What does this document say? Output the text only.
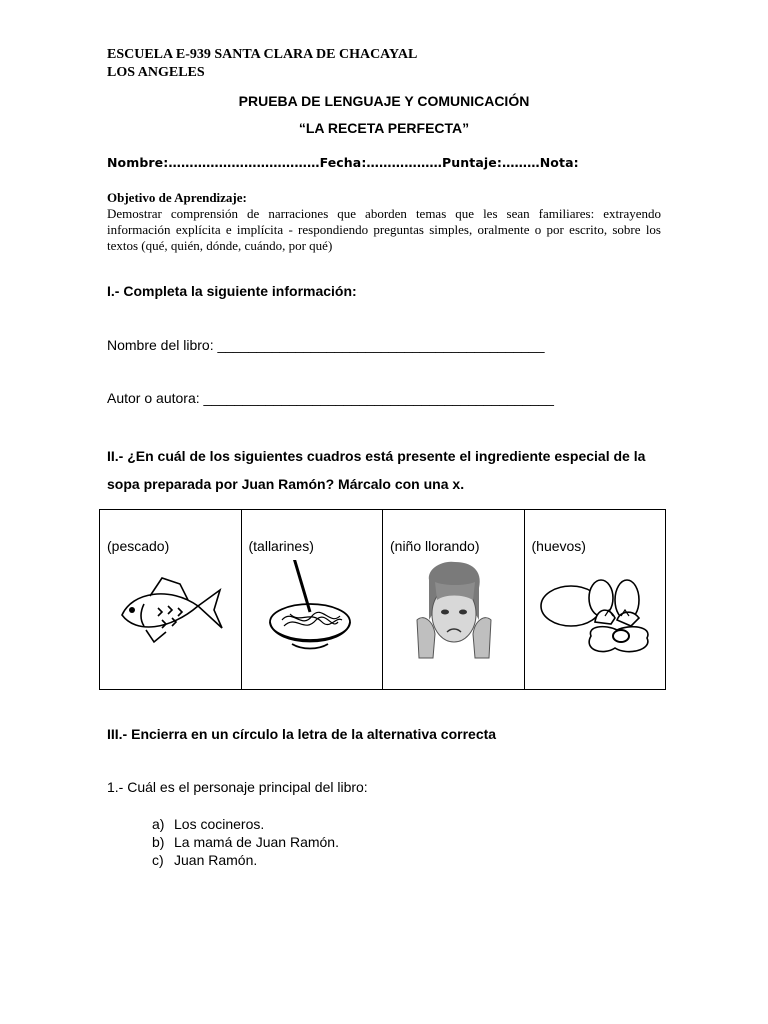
ESCUELA E-939 SANTA CLARA DE CHACAYAL
LOS ANGELES
PRUEBA DE LENGUAJE Y COMUNICACIÓN
“LA RECETA PERFECTA”
Nombre:………………………………Fecha:………………Puntaje:………Nota:
Objetivo de Aprendizaje:
Demostrar comprensión de narraciones que aborden temas que les sean familiares: extrayendo información explícita e implícita - respondiendo preguntas simples, oralmente o por escrito, sobre los textos (qué, quién, dónde, cuándo, por qué)
I.- Completa la siguiente información:
Nombre del libro: __________________________________________
Autor o autora: _____________________________________________
II.- ¿En cuál de los siguientes cuadros está presente el ingrediente especial de la sopa preparada por Juan Ramón? Márcalo con una x.
(pescado)	(tallarines)	(niño llorando)	(huevos)
III.- Encierra en un círculo la letra de la alternativa correcta
1.- Cuál es el personaje principal del libro:
a) Los cocineros.
b) La mamá de Juan Ramón.
c) Juan Ramón.
